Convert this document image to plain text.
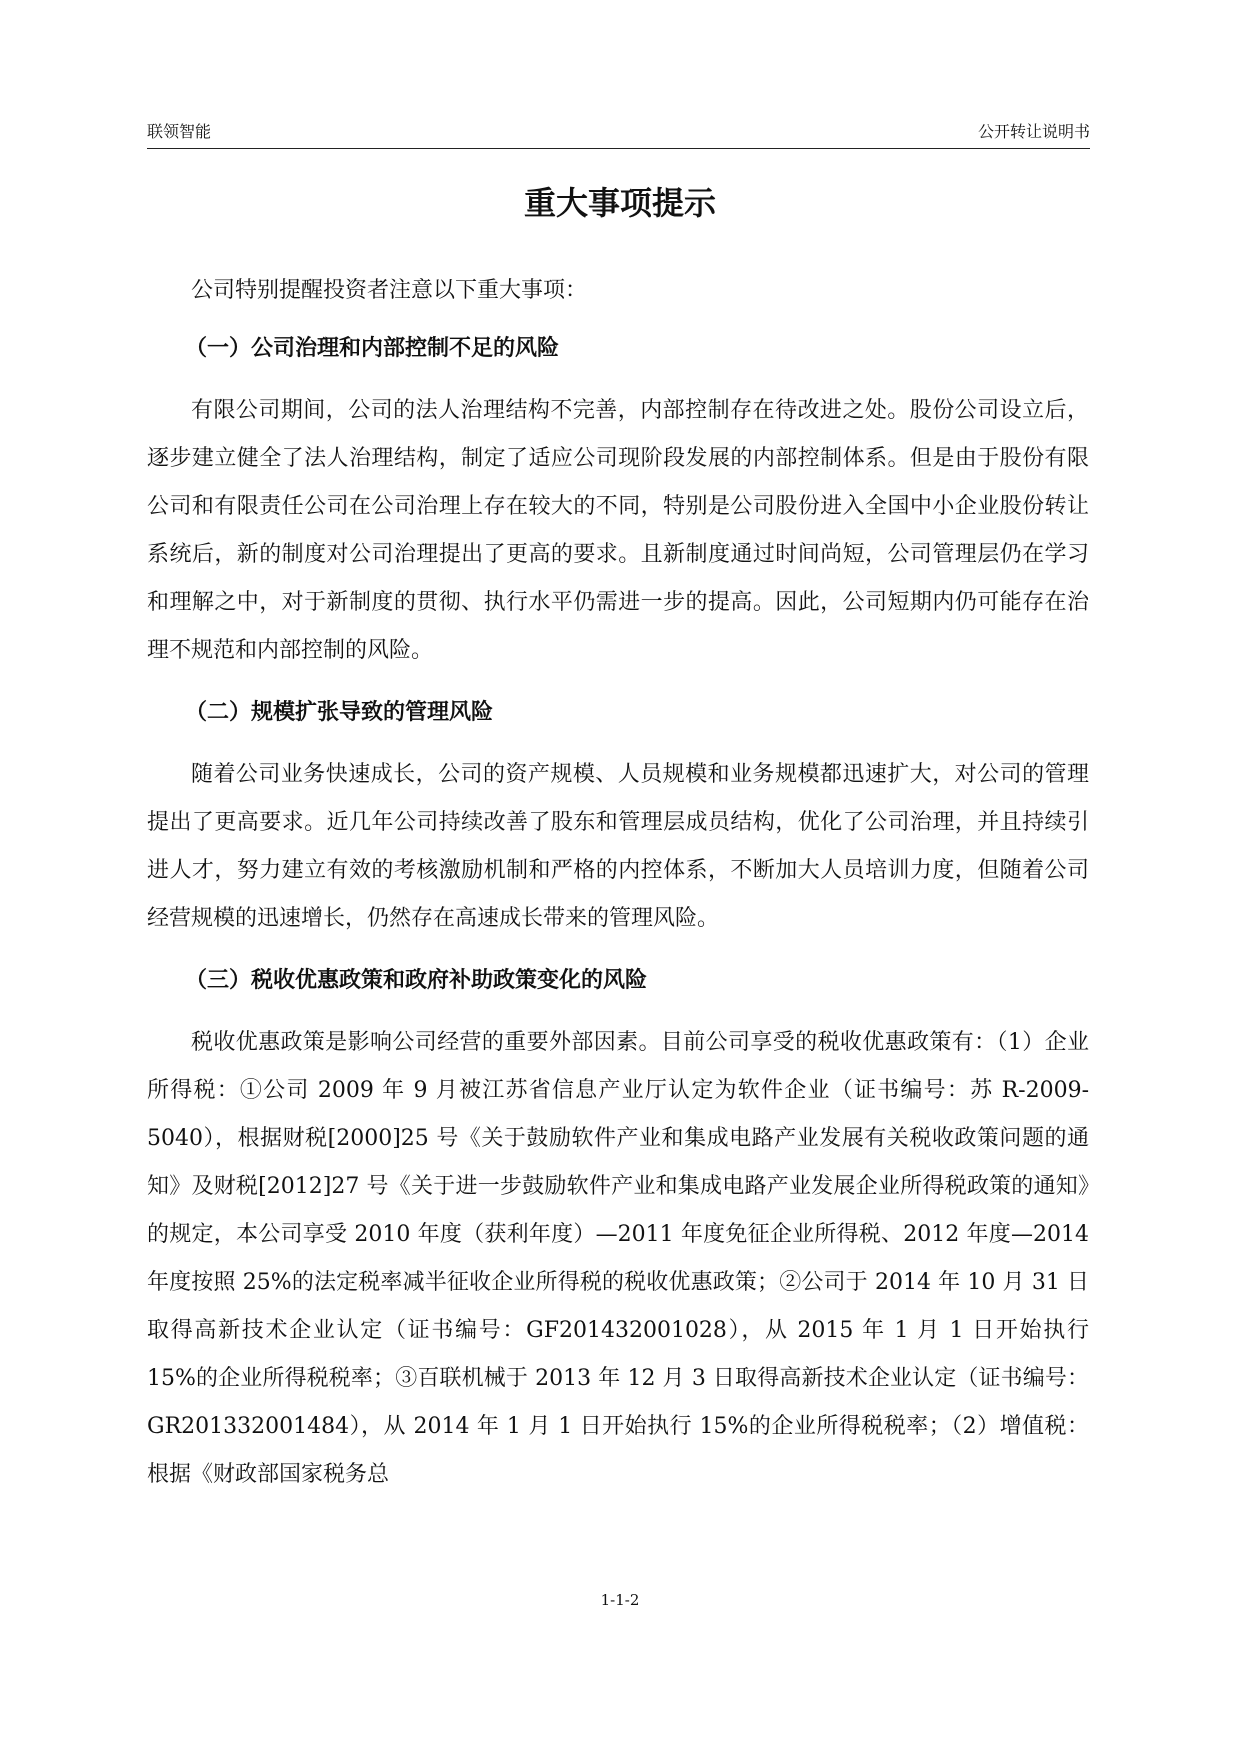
联领智能	公开转让说明书
重大事项提示

公司特别提醒投资者注意以下重大事项：

（一）公司治理和内部控制不足的风险

有限公司期间，公司的法人治理结构不完善，内部控制存在待改进之处。股份公司设立后，逐步建立健全了法人治理结构，制定了适应公司现阶段发展的内部控制体系。但是由于股份有限公司和有限责任公司在公司治理上存在较大的不同，特别是公司股份进入全国中小企业股份转让系统后，新的制度对公司治理提出了更高的要求。且新制度通过时间尚短，公司管理层仍在学习和理解之中，对于新制度的贯彻、执行水平仍需进一步的提高。因此，公司短期内仍可能存在治理不规范和内部控制的风险。

（二）规模扩张导致的管理风险

随着公司业务快速成长，公司的资产规模、人员规模和业务规模都迅速扩大，对公司的管理提出了更高要求。近几年公司持续改善了股东和管理层成员结构，优化了公司治理，并且持续引进人才，努力建立有效的考核激励机制和严格的内控体系，不断加大人员培训力度，但随着公司经营规模的迅速增长，仍然存在高速成长带来的管理风险。

（三）税收优惠政策和政府补助政策变化的风险

税收优惠政策是影响公司经营的重要外部因素。目前公司享受的税收优惠政策有：（1）企业所得税：①公司 2009 年 9 月被江苏省信息产业厅认定为软件企业（证书编号：苏 R-2009-5040），根据财税[2000]25 号《关于鼓励软件产业和集成电路产业发展有关税收政策问题的通知》及财税[2012]27 号《关于进一步鼓励软件产业和集成电路产业发展企业所得税政策的通知》的规定，本公司享受 2010 年度（获利年度）—2011 年度免征企业所得税、2012 年度—2014 年度按照 25%的法定税率减半征收企业所得税的税收优惠政策；②公司于 2014 年 10 月 31 日取得高新技术企业认定（证书编号：GF201432001028），从 2015 年 1 月 1 日开始执行 15%的企业所得税税率；③百联机械于 2013 年 12 月 3 日取得高新技术企业认定（证书编号：GR201332001484），从 2014 年 1 月 1 日开始执行 15%的企业所得税税率；（2）增值税：根据《财政部国家税务总

1-1-2
